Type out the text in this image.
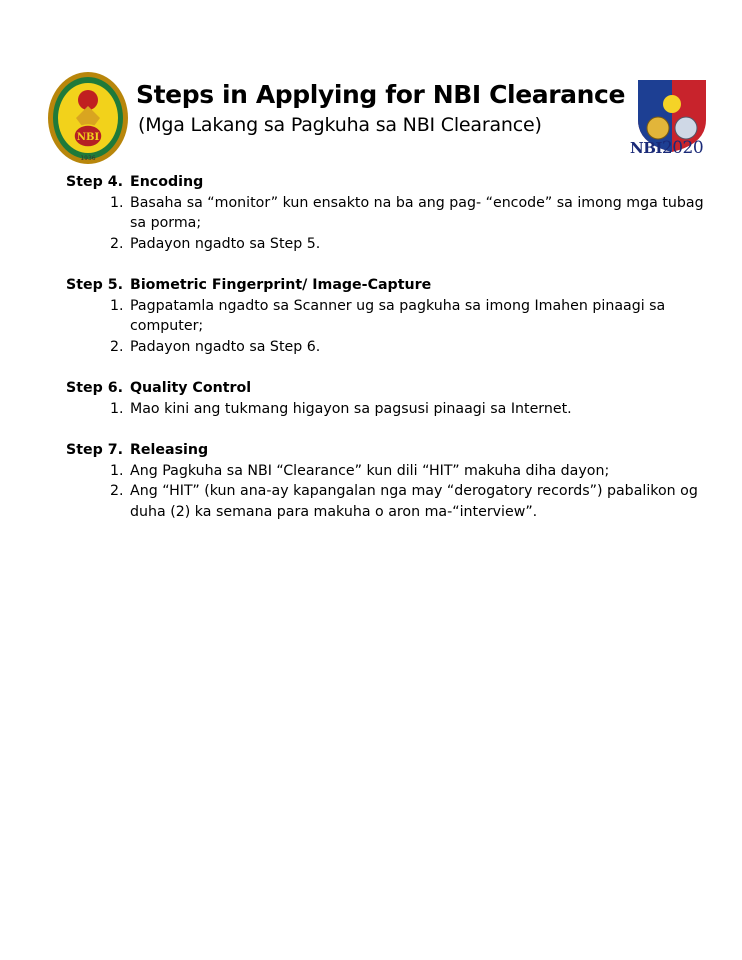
NBI
1936
NBI2020
Steps in Applying for NBI Clearance
(Mga Lakang sa Pagkuha sa NBI Clearance)
Step 4. Encoding
1. Basaha sa “monitor” kun ensakto na ba ang pag- “encode” sa imong mga tubag sa porma;
2. Padayon ngadto sa Step 5.
Step 5. Biometric Fingerprint/ Image-Capture
1. Pagpatamla ngadto sa Scanner ug sa pagkuha sa imong Imahen pinaagi sa computer;
2. Padayon ngadto sa Step 6.
Step 6. Quality Control
1. Mao kini ang tukmang higayon sa pagsusi pinaagi sa Internet.
Step 7. Releasing
1. Ang Pagkuha sa NBI “Clearance” kun dili “HIT” makuha diha dayon;
2. Ang “HIT” (kun ana-ay kapangalan nga may “derogatory records”) pabalikon og duha (2) ka semana para makuha o aron ma-“interview”.
